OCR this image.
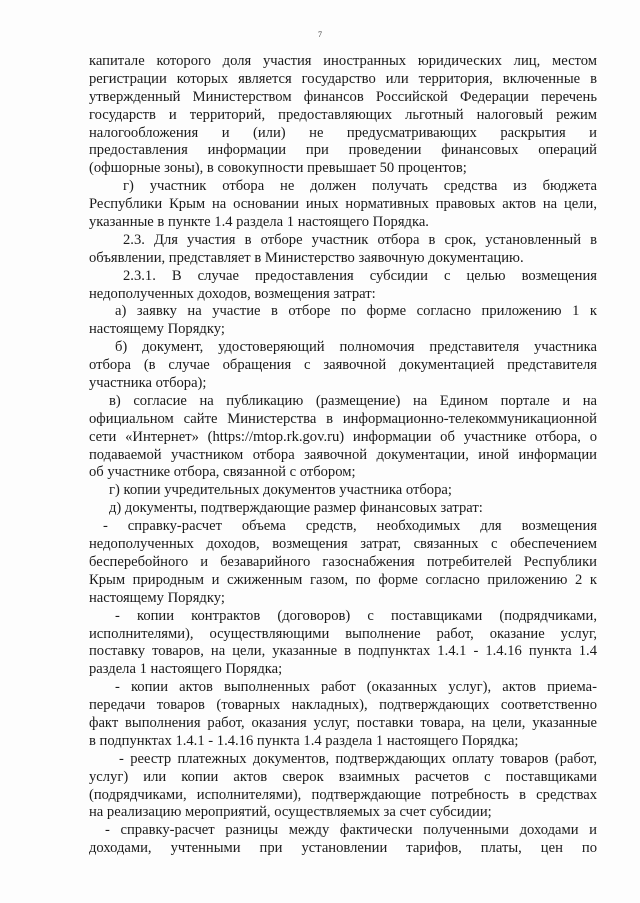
7
капитале которого доля участия иностранных юридических лиц, местом
регистрации которых является государство или территория, включенные в
утвержденный Министерством финансов Российской Федерации перечень
государств и территорий, предоставляющих льготный налоговый режим
налогообложения и (или) не предусматривающих раскрытия и
предоставления информации при проведении финансовых операций
(офшорные зоны), в совокупности превышает 50 процентов;
г) участник отбора не должен получать средства из бюджета
Республики Крым на основании иных нормативных правовых актов на цели,
указанные в пункте 1.4 раздела 1 настоящего Порядка.
2.3. Для участия в отборе участник отбора в срок, установленный в
объявлении, представляет в Министерство заявочную документацию.
2.3.1. В случае предоставления субсидии с целью возмещения
недополученных доходов, возмещения затрат:
а) заявку на участие в отборе по форме согласно приложению 1 к
настоящему Порядку;
б) документ, удостоверяющий полномочия представителя участника
отбора (в случае обращения с заявочной документацией представителя
участника отбора);
в) согласие на публикацию (размещение) на Едином портале и на
официальном сайте Министерства в информационно-телекоммуникационной
сети «Интернет» (https://mtop.rk.gov.ru) информации об участнике отбора, о
подаваемой участником отбора заявочной документации, иной информации
об участнике отбора, связанной с отбором;
г) копии учредительных документов участника отбора;
д) документы, подтверждающие размер финансовых затрат:
- справку-расчет объема средств, необходимых для возмещения
недополученных доходов, возмещения затрат, связанных с обеспечением
бесперебойного и безаварийного газоснабжения потребителей Республики
Крым природным и сжиженным газом, по форме согласно приложению 2 к
настоящему Порядку;
- копии контрактов (договоров) с поставщиками (подрядчиками,
исполнителями), осуществляющими выполнение работ, оказание услуг,
поставку товаров, на цели, указанные в подпунктах 1.4.1 - 1.4.16 пункта 1.4
раздела 1 настоящего Порядка;
- копии актов выполненных работ (оказанных услуг), актов приема-
передачи товаров (товарных накладных), подтверждающих соответственно
факт выполнения работ, оказания услуг, поставки товара, на цели, указанные
в подпунктах 1.4.1 - 1.4.16 пункта 1.4 раздела 1 настоящего Порядка;
- реестр платежных документов, подтверждающих оплату товаров (работ,
услуг) или копии актов сверок взаимных расчетов с поставщиками
(подрядчиками, исполнителями), подтверждающие потребность в средствах
на реализацию мероприятий, осуществляемых за счет субсидии;
- справку-расчет разницы между фактически полученными доходами и
доходами, учтенными при установлении тарифов, платы, цен по
